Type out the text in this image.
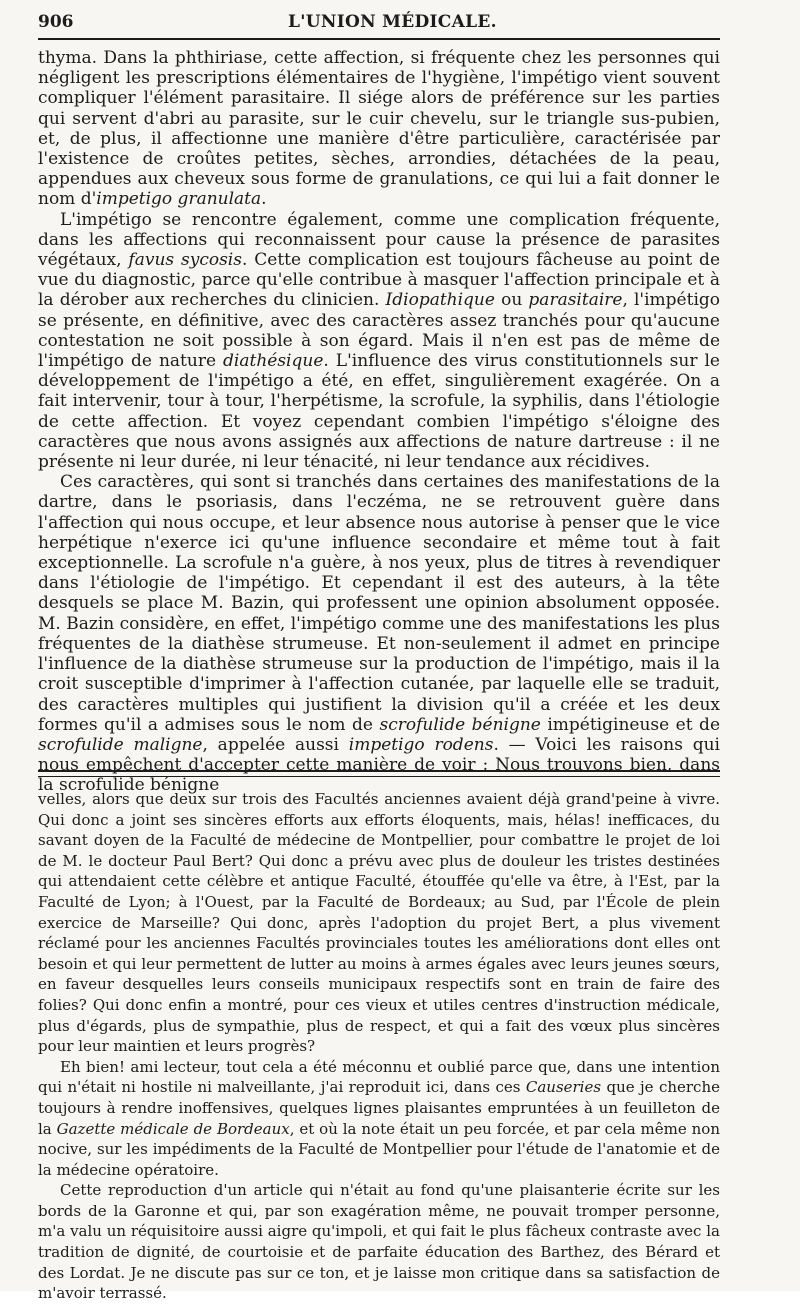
906	L'UNION MÉDICALE.

thyma. Dans la phthiriase, cette affection, si fréquente chez les personnes qui négligent les prescriptions élémentaires de l'hygiène, l'impétigo vient souvent compliquer l'élément parasitaire. Il siége alors de préférence sur les parties qui servent d'abri au parasite, sur le cuir chevelu, sur le triangle sus-pubien, et, de plus, il affectionne une manière d'être particulière, caractérisée par l'existence de croûtes petites, sèches, arrondies, détachées de la peau, appendues aux cheveux sous forme de granulations, ce qui lui a fait donner le nom d'impetigo granulata.

L'impétigo se rencontre également, comme une complication fréquente, dans les affections qui reconnaissent pour cause la présence de parasites végétaux, favus sycosis. Cette complication est toujours fâcheuse au point de vue du diagnostic, parce qu'elle contribue à masquer l'affection principale et à la dérober aux recherches du clinicien. Idiopathique ou parasitaire, l'impétigo se présente, en définitive, avec des caractères assez tranchés pour qu'aucune contestation ne soit possible à son égard. Mais il n'en est pas de même de l'impétigo de nature diathésique. L'influence des virus constitutionnels sur le développement de l'impétigo a été, en effet, singulièrement exagérée. On a fait intervenir, tour à tour, l'herpétisme, la scrofule, la syphilis, dans l'étiologie de cette affection. Et voyez cependant combien l'impétigo s'éloigne des caractères que nous avons assignés aux affections de nature dartreuse : il ne présente ni leur durée, ni leur ténacité, ni leur tendance aux récidives.

Ces caractères, qui sont si tranchés dans certaines des manifestations de la dartre, dans le psoriasis, dans l'eczéma, ne se retrouvent guère dans l'affection qui nous occupe, et leur absence nous autorise à penser que le vice herpétique n'exerce ici qu'une influence secondaire et même tout à fait exceptionnelle. La scrofule n'a guère, à nos yeux, plus de titres à revendiquer dans l'étiologie de l'impétigo. Et cependant il est des auteurs, à la tête desquels se place M. Bazin, qui professent une opinion absolument opposée. M. Bazin considère, en effet, l'impétigo comme une des manifestations les plus fréquentes de la diathèse strumeuse. Et non-seulement il admet en principe l'influence de la diathèse strumeuse sur la production de l'impétigo, mais il la croit susceptible d'imprimer à l'affection cutanée, par laquelle elle se traduit, des caractères multiples qui justifient la division qu'il a créée et les deux formes qu'il a admises sous le nom de scrofulide bénigne impétigineuse et de scrofulide maligne, appelée aussi impetigo rodens. — Voici les raisons qui nous empêchent d'accepter cette manière de voir : Nous trouvons bien, dans la scrofulide bénigne

velles, alors que deux sur trois des Facultés anciennes avaient déjà grand'peine à vivre. Qui donc a joint ses sincères efforts aux efforts éloquents, mais, hélas! inefficaces, du savant doyen de la Faculté de médecine de Montpellier, pour combattre le projet de loi de M. le docteur Paul Bert? Qui donc a prévu avec plus de douleur les tristes destinées qui attendaient cette célèbre et antique Faculté, étouffée qu'elle va être, à l'Est, par la Faculté de Lyon; à l'Ouest, par la Faculté de Bordeaux; au Sud, par l'École de plein exercice de Marseille? Qui donc, après l'adoption du projet Bert, a plus vivement réclamé pour les anciennes Facultés provinciales toutes les améliorations dont elles ont besoin et qui leur permettent de lutter au moins à armes égales avec leurs jeunes sœurs, en faveur desquelles leurs conseils municipaux respectifs sont en train de faire des folies? Qui donc enfin a montré, pour ces vieux et utiles centres d'instruction médicale, plus d'égards, plus de sympathie, plus de respect, et qui a fait des vœux plus sincères pour leur maintien et leurs progrès?

Eh bien! ami lecteur, tout cela a été méconnu et oublié parce que, dans une intention qui n'était ni hostile ni malveillante, j'ai reproduit ici, dans ces Causeries que je cherche toujours à rendre inoffensives, quelques lignes plaisantes empruntées à un feuilleton de la Gazette médicale de Bordeaux, et où la note était un peu forcée, et par cela même non nocive, sur les impédiments de la Faculté de Montpellier pour l'étude de l'anatomie et de la médecine opératoire.

Cette reproduction d'un article qui n'était au fond qu'une plaisanterie écrite sur les bords de la Garonne et qui, par son exagération même, ne pouvait tromper personne, m'a valu un réquisitoire aussi aigre qu'impoli, et qui fait le plus fâcheux contraste avec la tradition de dignité, de courtoisie et de parfaite éducation des Barthez, des Bérard et des Lordat. Je ne discute pas sur ce ton, et je laisse mon critique dans sa satisfaction de m'avoir terrassé.
